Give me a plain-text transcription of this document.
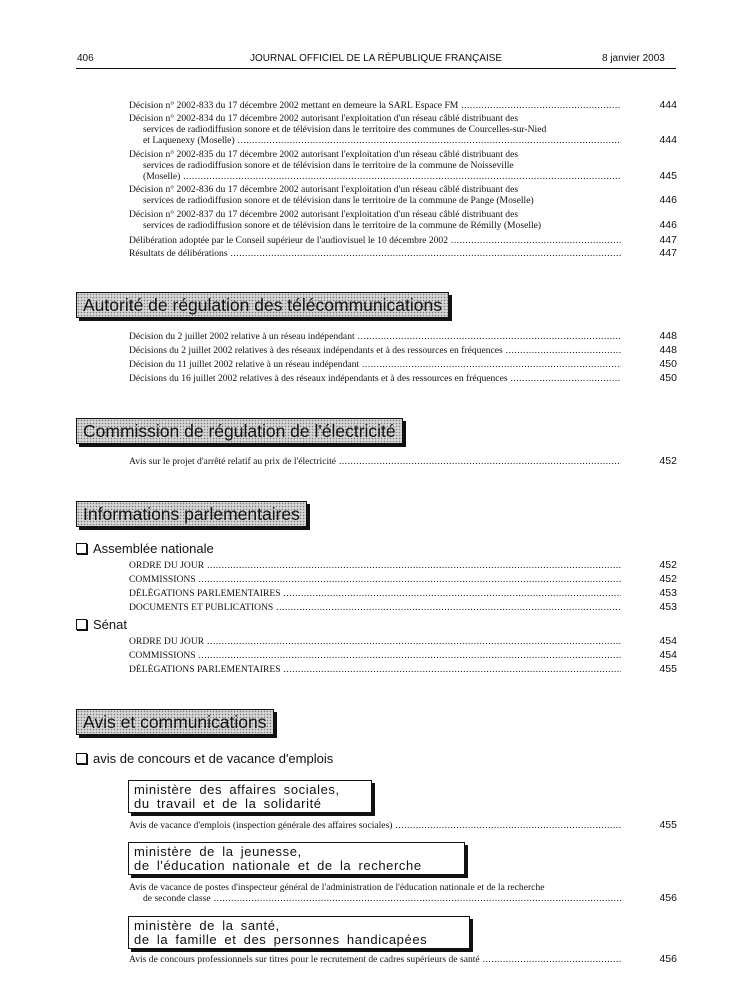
406	JOURNAL OFFICIEL DE LA RÉPUBLIQUE FRANÇAISE	8 janvier 2003
Décision n° 2002-833 du 17 décembre 2002 mettant en demeure la SARL Espace FM .....	444
Décision n° 2002-834 du 17 décembre 2002 autorisant l'exploitation d'un réseau câblé distribuant des
services de radiodiffusion sonore et de télévision dans le territoire des communes de Courcelles-sur-Nied
et Laquenexy (Moselle) .....	444
Décision n° 2002-835 du 17 décembre 2002 autorisant l'exploitation d'un réseau câblé distribuant des
services de radiodiffusion sonore et de télévision dans le territoire de la commune de Noisseville
(Moselle) .....	445
Décision n° 2002-836 du 17 décembre 2002 autorisant l'exploitation d'un réseau câblé distribuant des
services de radiodiffusion sonore et de télévision dans le territoire de la commune de Pange (Moselle)	446
Décision n° 2002-837 du 17 décembre 2002 autorisant l'exploitation d'un réseau câblé distribuant des
services de radiodiffusion sonore et de télévision dans le territoire de la commune de Rémilly (Moselle)	446
Délibération adoptée par le Conseil supérieur de l'audiovisuel le 10 décembre 2002 .....	447
Résultats de délibérations .....	447
Autorité de régulation des télécommunications
Décision du 2 juillet 2002 relative à un réseau indépendant .....	448
Décisions du 2 juillet 2002 relatives à des réseaux indépendants et à des ressources en fréquences .....	448
Décision du 11 juillet 2002 relative à un réseau indépendant .....	450
Décisions du 16 juillet 2002 relatives à des réseaux indépendants et à des ressources en fréquences .....	450
Commission de régulation de l'électricité
Avis sur le projet d'arrêté relatif au prix de l'électricité .....	452
Informations parlementaires
Assemblée nationale
ORDRE DU JOUR .....	452
COMMISSIONS .....	452
DÉLÉGATIONS PARLEMENTAIRES .....	453
DOCUMENTS ET PUBLICATIONS .....	453
Sénat
ORDRE DU JOUR .....	454
COMMISSIONS .....	454
DÉLÉGATIONS PARLEMENTAIRES .....	455
Avis et communications
avis de concours et de vacance d'emplois
ministère des affaires sociales,
du travail et de la solidarité
Avis de vacance d'emplois (inspection générale des affaires sociales) .....	455
ministère de la jeunesse,
de l'éducation nationale et de la recherche
Avis de vacance de postes d'inspecteur général de l'administration de l'éducation nationale et de la recherche
de seconde classe .....	456
ministère de la santé,
de la famille et des personnes handicapées
Avis de concours professionnels sur titres pour le recrutement de cadres supérieurs de santé .....	456
